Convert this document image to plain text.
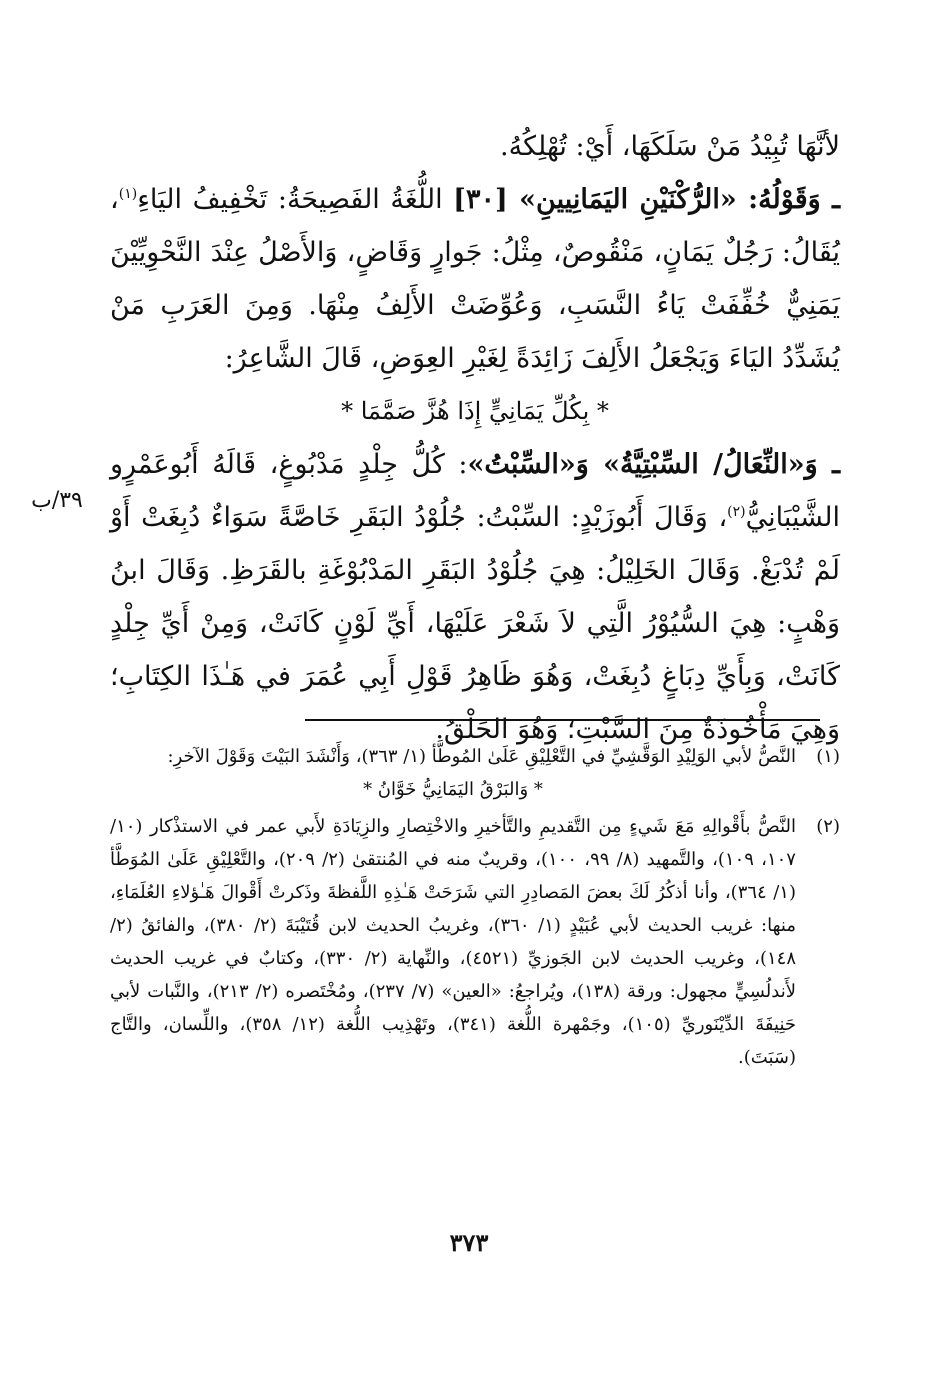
لأنَّهَا تُبِيْدُ مَنْ سَلَكَهَا، أَيْ: تُهْلِكُهُ.

ـ وَقَوْلُهُ: «الرُّكْنَيْنِ اليَمَانِيينِ» [٣٠] اللُّغَةُ الفَصِيحَةُ: تَخْفِيفُ اليَاءِ$^{(١)}$، يُقَالُ: رَجُلٌ يَمَانٍ، مَنْقُوصٌ، مِثْلُ: جَوارٍ وَقَاضٍ، وَالأَصْلُ عِنْدَ النَّحْوِيِّيْنَ يَمَنِيٌّ خُفِّفَتْ يَاءُ النَّسَبِ، وَعُوِّضَتْ الأَلِفُ مِنْهَا. وَمِنَ العَرَبِ مَنْ يُشَدِّدُ اليَاءَ وَيَجْعَلُ الأَلِفَ زَائِدَةً لِغَيْرِ العِوَضِ، قَالَ الشَّاعِرُ:

* بِكُلِّ يَمَانِيٍّ إِذَا هُزَّ صَمَّمَا *

ـ وَ«النِّعَالُ/ السِّبْتِيَّةُ» وَ«السِّبْتُ»: كُلُّ جِلْدٍ مَدْبُوغٍ، قَالَهُ أَبُوعَمْرٍو الشَّيْبَانِيُّ$^{(٢)}$، وَقَالَ أَبُوزَيْدٍ: السِّبْتُ: جُلُوْدُ البَقَرِ خَاصَّةً سَوَاءٌ دُبِغَتْ أَوْ لَمْ تُدْبَغْ. وَقَالَ الخَلِيْلُ: هِيَ جُلُوْدُ البَقَرِ المَدْبُوْغَةِ بالقَرَظِ. وَقَالَ ابنُ وَهْبٍ: هِيَ السُّيُوْرُ الَّتِي لاَ شَعْرَ عَلَيْهَا، أَيِّ لَوْنٍ كَانَتْ، وَمِنْ أَيِّ جِلْدٍ كَانَتْ، وَبِأَيِّ دِبَاغٍ دُبِغَتْ، وَهُوَ ظَاهِرُ قَوْلِ أَبِي عُمَرَ في هَـٰذَا الكِتَابِ؛ وَهِيَ مَأْخُوذَةٌ مِنَ السَّبْتِ؛ وَهُوَ الحَلْقُ.

٣٩/ب
(١)
النَّصُّ لأبي الوَلِيْدِ الوَقَّشِيِّ في التَّعْلِيْقِ عَلَىٰ المُوطَّأ (١/ ٣٦٣)، وَأَنْشَدَ البَيْتَ وَقَوْلَ الآخرِ:
* وَالبَرْقُ اليَمَانِيُّ خَوَّانُ *
(٢)
النَّصُّ بأَقْوالِهِ مَعَ شَيءٍ مِن التَّقديمِ والتَّأخيرِ والاخْتِصارِ والزِيَادَةِ لأَبي عمر في الاستذْكار (١٠/ ١٠٧، ١٠٩)، والتَّمهيد (٨/ ٩٩، ١٠٠)، وقريبٌ منه في المُنتقىٰ (٢/ ٢٠٩)، والتَّعْلِيْقِ عَلَىٰ المُوَطَّأ (١/ ٣٦٤)، وأنا أذكُرُ لَكَ بعضَ المَصادِرِ التي شَرَحَتْ هَـٰذِهِ اللَّفظةَ وذَكرتْ أَقْوالَ هَـٰؤلاءِ العُلَمَاءِ، منها: غريب الحديث لأبي عُبَيْدٍ (١/ ٣٦٠)، وغريبُ الحديث لابن قُتَيْبَةَ (٢/ ٣٨٠)، والفائقُ (٢/ ١٤٨)، وغريب الحديث لابن الجَوزيِّ (٤٥٢١)، والنِّهاية (٢/ ٣٣٠)، وكتابٌ في غريب الحديث لأَندلُسِيٍّ مجهول: ورقة (١٣٨)، ويُراجعُ: «العين» (٧/ ٢٣٧)، ومُخْتَصره (٢/ ٢١٣)، والنَّبات لأبي حَنِيفَةَ الدِّيْنَوريِّ (١٠٥)، وجَمْهرة اللُّغة (٣٤١)، وتَهْذِيب اللُّغة (١٢/ ٣٥٨)، واللِّسان، والتَّاج (سَبَتَ).
٣٧٣
